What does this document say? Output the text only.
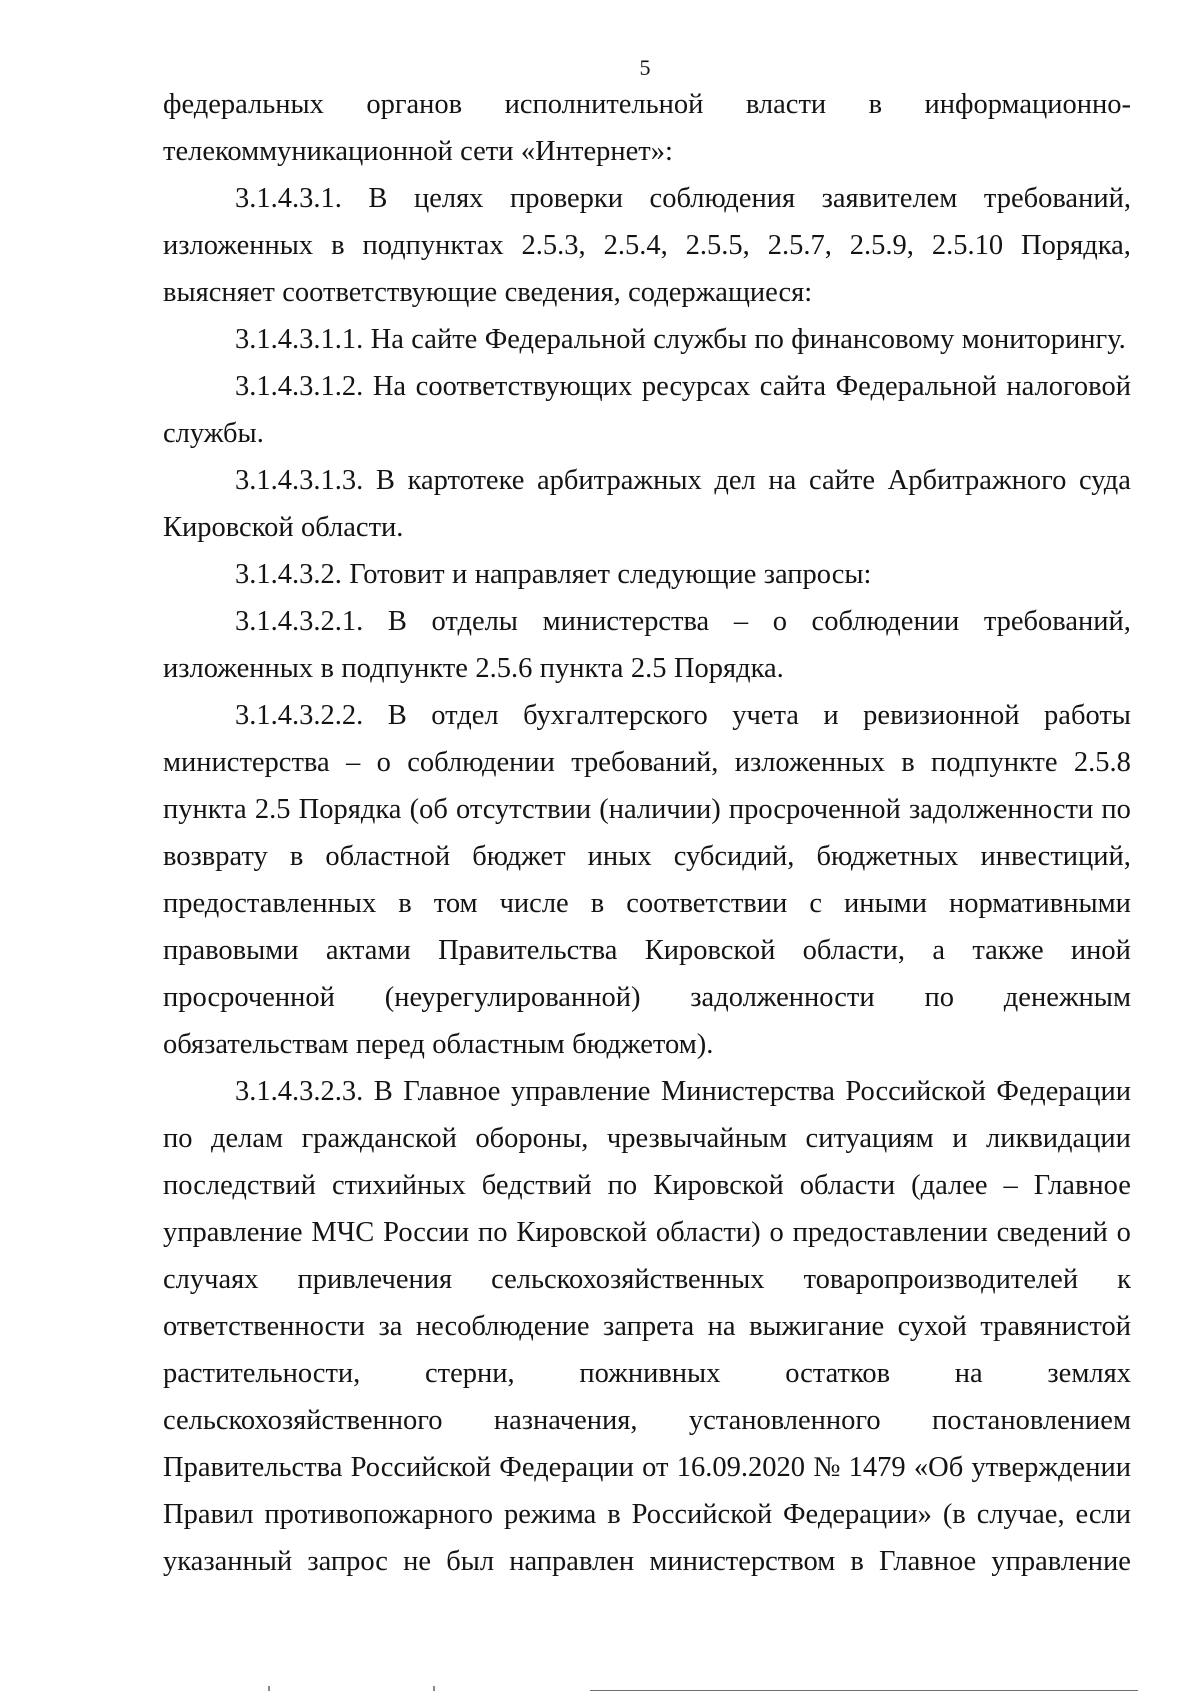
5
федеральных органов исполнительной власти в информационно-
телекоммуникационной сети «Интернет»:
3.1.4.3.1. В целях проверки соблюдения заявителем требований,
изложенных в подпунктах 2.5.3, 2.5.4, 2.5.5, 2.5.7, 2.5.9, 2.5.10 Порядка,
выясняет соответствующие сведения, содержащиеся:
3.1.4.3.1.1. На сайте Федеральной службы по финансовому мониторингу.
3.1.4.3.1.2. На соответствующих ресурсах сайта Федеральной налоговой
службы.
3.1.4.3.1.3. В картотеке арбитражных дел на сайте Арбитражного суда
Кировской области.
3.1.4.3.2. Готовит и направляет следующие запросы:
3.1.4.3.2.1. В отделы министерства – о соблюдении требований,
изложенных в подпункте 2.5.6 пункта 2.5 Порядка.
3.1.4.3.2.2. В отдел бухгалтерского учета и ревизионной работы
министерства – о соблюдении требований, изложенных в подпункте 2.5.8
пункта 2.5 Порядка (об отсутствии (наличии) просроченной задолженности по
возврату в областной бюджет иных субсидий, бюджетных инвестиций,
предоставленных в том числе в соответствии с иными нормативными
правовыми актами Правительства Кировской области, а также иной
просроченной (неурегулированной) задолженности по денежным
обязательствам перед областным бюджетом).
3.1.4.3.2.3. В Главное управление Министерства Российской Федерации
по делам гражданской обороны, чрезвычайным ситуациям и ликвидации
последствий стихийных бедствий по Кировской области (далее – Главное
управление МЧС России по Кировской области) о предоставлении сведений о
случаях привлечения сельскохозяйственных товаропроизводителей к
ответственности за несоблюдение запрета на выжигание сухой травянистой
растительности, стерни, пожнивных остатков на землях
сельскохозяйственного назначения, установленного постановлением
Правительства Российской Федерации от 16.09.2020 № 1479 «Об утверждении
Правил противопожарного режима в Российской Федерации» (в случае, если
указанный запрос не был направлен министерством в Главное управление
